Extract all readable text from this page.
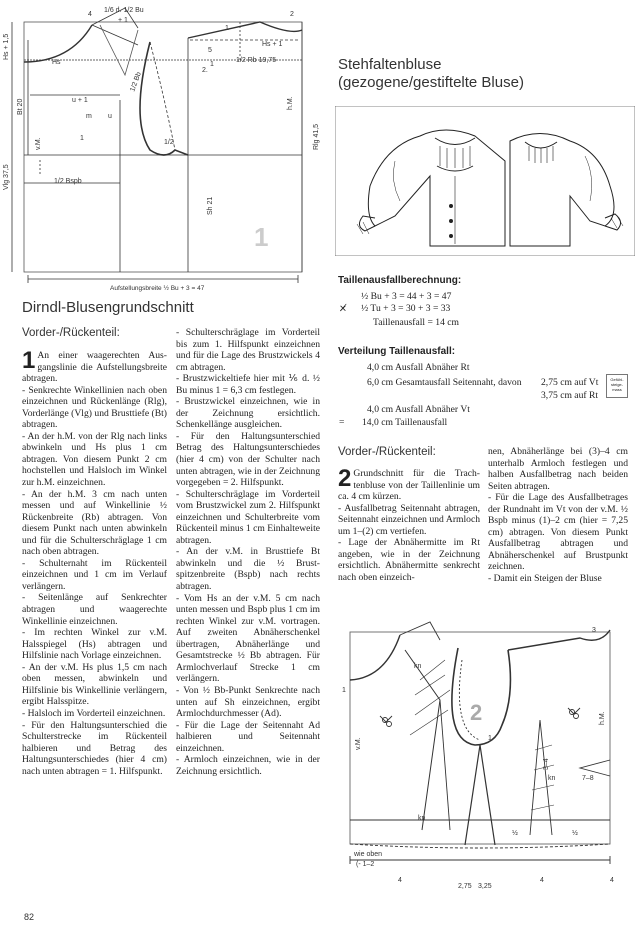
4
1/6 d. 1/2 Bu
+ 1
Hs + 1,5
Hs
Bt 20
Vlg 37,5
u + 1
v.M.
m u
1
1/2 Bb
1/2 Bspb
1/2
Sh 21
2.
Hs + 1
1/2 Rb 19,75
h.M.
Rlg 41,5
1
5
2
1
Aufstellungsbreite ½ Bu + 3 = 47
1
Dirndl-Blusengrundschnitt
Vorder-/Rückenteil:

1An einer waagerechten Ausgangslinie die Aufstellungsbreite abtragen.

- Senkrechte Winkellinien nach oben einzeichnen und Rückenlänge (Rlg), Vorderlänge (Vlg) und Brusttiefe (Bt) abtragen.

- An der h.M. von der Rlg nach links abwinkeln und Hs plus 1 cm abtragen. Von diesem Punkt 2 cm hochstellen und Halsloch im Winkel zur h.M. einzeichnen.

- An der h.M. 3 cm nach unten messen und auf Winkellinie ½ Rückenbreite (Rb) abtragen. Von diesem Punkt nach unten abwinkeln und für die Schulterschräglage 1 cm nach oben abtragen.

- Schulternaht im Rückenteil einzeichnen und 1 cm im Verlauf verlängern.

- Seitenlänge auf Senkrechter abtragen und waagerechte Winkellinie einzeichnen.

- Im rechten Winkel zur v.M. Halsspiegel (Hs) abtragen und Hilfslinie nach Vorlage einzeichnen.

- An der v.M. Hs plus 1,5 cm nach oben messen, abwinkeln und Hilfslinie bis Winkellinie verlängern, ergibt Halsspitze.

- Halsloch im Vorderteil einzeichnen.

- Für den Haltungsunterschied die Schulterstrecke im Rückenteil halbieren und Betrag des Haltungsunterschiedes (hier 4 cm) nach unten abtragen = 1. Hilfspunkt.

- Schulterschräglage im Vorderteil bis zum 1. Hilfspunkt einzeichnen und für die Lage des Brustzwickels 4 cm abtragen.

- Brustzwickeltiefe hier mit ⅙ d. ½ Bu minus 1 = 6,3 cm festlegen.

- Brustzwickel einzeichnen, wie in der Zeichnung ersichtlich. Schenkellänge ausgleichen.

- Für den Haltungsunterschied Betrag des Haltungsunterschiedes (hier 4 cm) von der Schulter nach unten abtragen, wie in der Zeichnung vorgegeben = 2. Hilfspunkt.

- Schulterschräglage im Vorderteil vom Brustzwickel zum 2. Hilfspunkt einzeichnen und Schulterbreite vom Rückenteil minus 1 cm Einhalteweite abtragen.

- An der v.M. in Brusttiefe Bt abwinkeln und die ½ Brustspitzenbreite (Bspb) nach rechts abtragen.

- Vom Hs an der v.M. 5 cm nach unten messen und Bspb plus 1 cm im rechten Winkel zur v.M. vortragen. Auf zweiten Abnäherschenkel übertragen, Abnäherlänge und Gesamtstrecke ½ Bb abtragen. Für Armlochverlauf Strecke 1 cm verlängern.

- Von ½ Bb-Punkt Senkrechte nach unten auf Sh einzeichnen, ergibt Armlochdurchmesser (Ad).

- Für die Lage der Seitennaht Ad halbieren und Seitennaht einzeichnen.

- Armloch einzeichnen, wie in der Zeichnung ersichtlich.

Stehfaltenbluse
(gezogene/gestiftelte Bluse)
Taillenausfallberechnung:
½ Bu + 3 = 44 + 3 = 47
⨯̸ ½ Tu + 3 = 30 + 3 = 33
Taillenausfall = 14 cm
Verteilung Taillenausfall:
4,0 cm Ausfall Abnäher Rt
6,0 cm Gesamtausfall Seitennaht, davon 2,75 cm auf Vt
3,75 cm auf Rt
Gefühlsteigemass
4,0 cm Ausfall Abnäher Vt
= 14,0 cm Taillenausfall
Vorder-/Rückenteil:

2Grundschnitt für die Trachtenbluse von der Taillenlinie um ca. 4 cm kürzen.

- Ausfallbetrag Seitennaht abtragen, Seitennaht einzeichnen und Armloch um 1–(2) cm vertiefen.

- Lage der Abnähermitte im Rt angeben, wie in der Zeichnung ersichtlich. Abnähermitte senkrecht nach oben einzeich-

nen, Abnäherlänge bei (3)–4 cm unterhalb Armloch festlegen und halben Ausfallbetrag nach beiden Seiten abtragen.

- Für die Lage des Ausfallbetrages der Rundnaht im Vt von der v.M. ½ Bspb minus (1)–2 cm (hier = 7,25 cm) abtragen. Von diesem Punkt Ausfallbetrag abtragen und Abnäherschenkel auf Brustpunkt zeichnen.

- Damit ein Steigen der Bluse

3
1
kn
kn
kn
v.M.
h.M.
3–4
7–8
1
½	½
wie oben
(- 1–2
4
2,75 3,25
4	4
2
82
